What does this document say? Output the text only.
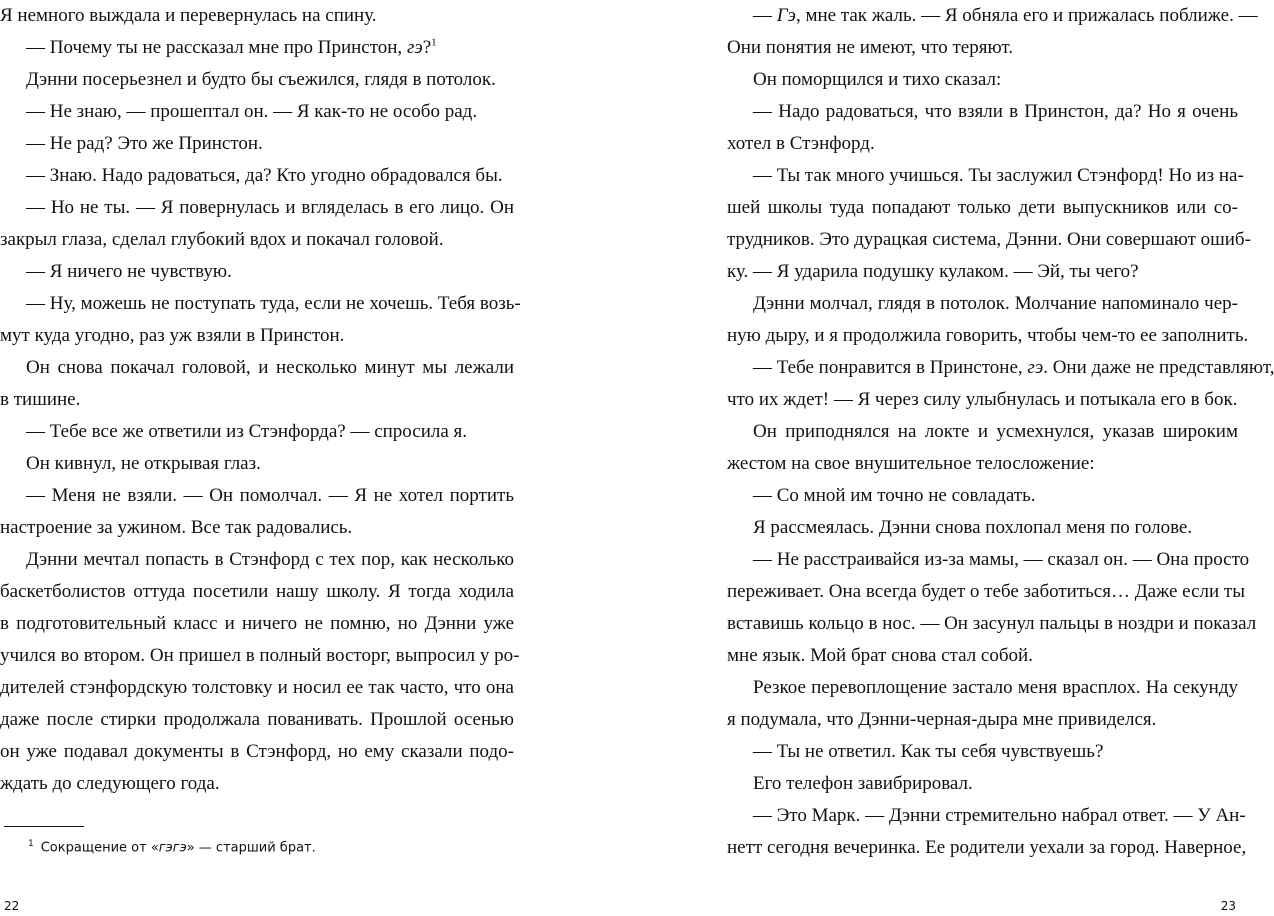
Я немного выждала и перевернулась на спину.
— Почему ты не рассказал мне про Принстон, гэ?$^1$
Дэнни посерьезнел и будто бы съежился, глядя в потолок.
— Не знаю, — прошептал он. — Я как-то не особо рад.
— Не рад? Это же Принстон.
— Знаю. Надо радоваться, да? Кто угодно обрадовался бы.
— Но не ты. — Я повернулась и вгляделась в его лицо. Он
закрыл глаза, сделал глубокий вдох и покачал головой.
— Я ничего не чувствую.
— Ну, можешь не поступать туда, если не хочешь. Тебя возь-
мут куда угодно, раз уж взяли в Принстон.
Он снова покачал головой, и несколько минут мы лежали
в тишине.
— Тебе все же ответили из Стэнфорда? — спросила я.
Он кивнул, не открывая глаз.
— Меня не взяли. — Он помолчал. — Я не хотел портить
настроение за ужином. Все так радовались.
Дэнни мечтал попасть в Стэнфорд с тех пор, как несколько
баскетболистов оттуда посетили нашу школу. Я тогда ходила
в подготовительный класс и ничего не помню, но Дэнни уже
учился во втором. Он пришел в полный восторг, выпросил у ро-
дителей стэнфордскую толстовку и носил ее так часто, что она
даже после стирки продолжала пованивать. Прошлой осенью
он уже подавал документы в Стэнфорд, но ему сказали подо-
ждать до следующего года.
$^1$ Сокращение от «гэгэ» — старший брат.
22
— Гэ, мне так жаль. — Я обняла его и прижалась поближе. —
Они понятия не имеют, что теряют.
Он поморщился и тихо сказал:
— Надо радоваться, что взяли в Принстон, да? Но я очень
хотел в Стэнфорд.
— Ты так много учишься. Ты заслужил Стэнфорд! Но из на-
шей школы туда попадают только дети выпускников или со-
трудников. Это дурацкая система, Дэнни. Они совершают ошиб-
ку. — Я ударила подушку кулаком. — Эй, ты чего?
Дэнни молчал, глядя в потолок. Молчание напоминало чер-
ную дыру, и я продолжила говорить, чтобы чем-то ее заполнить.
— Тебе понравится в Принстоне, гэ. Они даже не представляют,
что их ждет! — Я через силу улыбнулась и потыкала его в бок.
Он приподнялся на локте и усмехнулся, указав широким
жестом на свое внушительное телосложение:
— Со мной им точно не совладать.
Я рассмеялась. Дэнни снова похлопал меня по голове.
— Не расстраивайся из-за мамы, — сказал он. — Она просто
переживает. Она всегда будет о тебе заботиться… Даже если ты
вставишь кольцо в нос. — Он засунул пальцы в ноздри и показал
мне язык. Мой брат снова стал собой.
Резкое перевоплощение застало меня врасплох. На секунду
я подумала, что Дэнни-черная-дыра мне привиделся.
— Ты не ответил. Как ты себя чувствуешь?
Его телефон завибрировал.
— Это Марк. — Дэнни стремительно набрал ответ. — У Ан-
нетт сегодня вечеринка. Ее родители уехали за город. Наверное,
23
